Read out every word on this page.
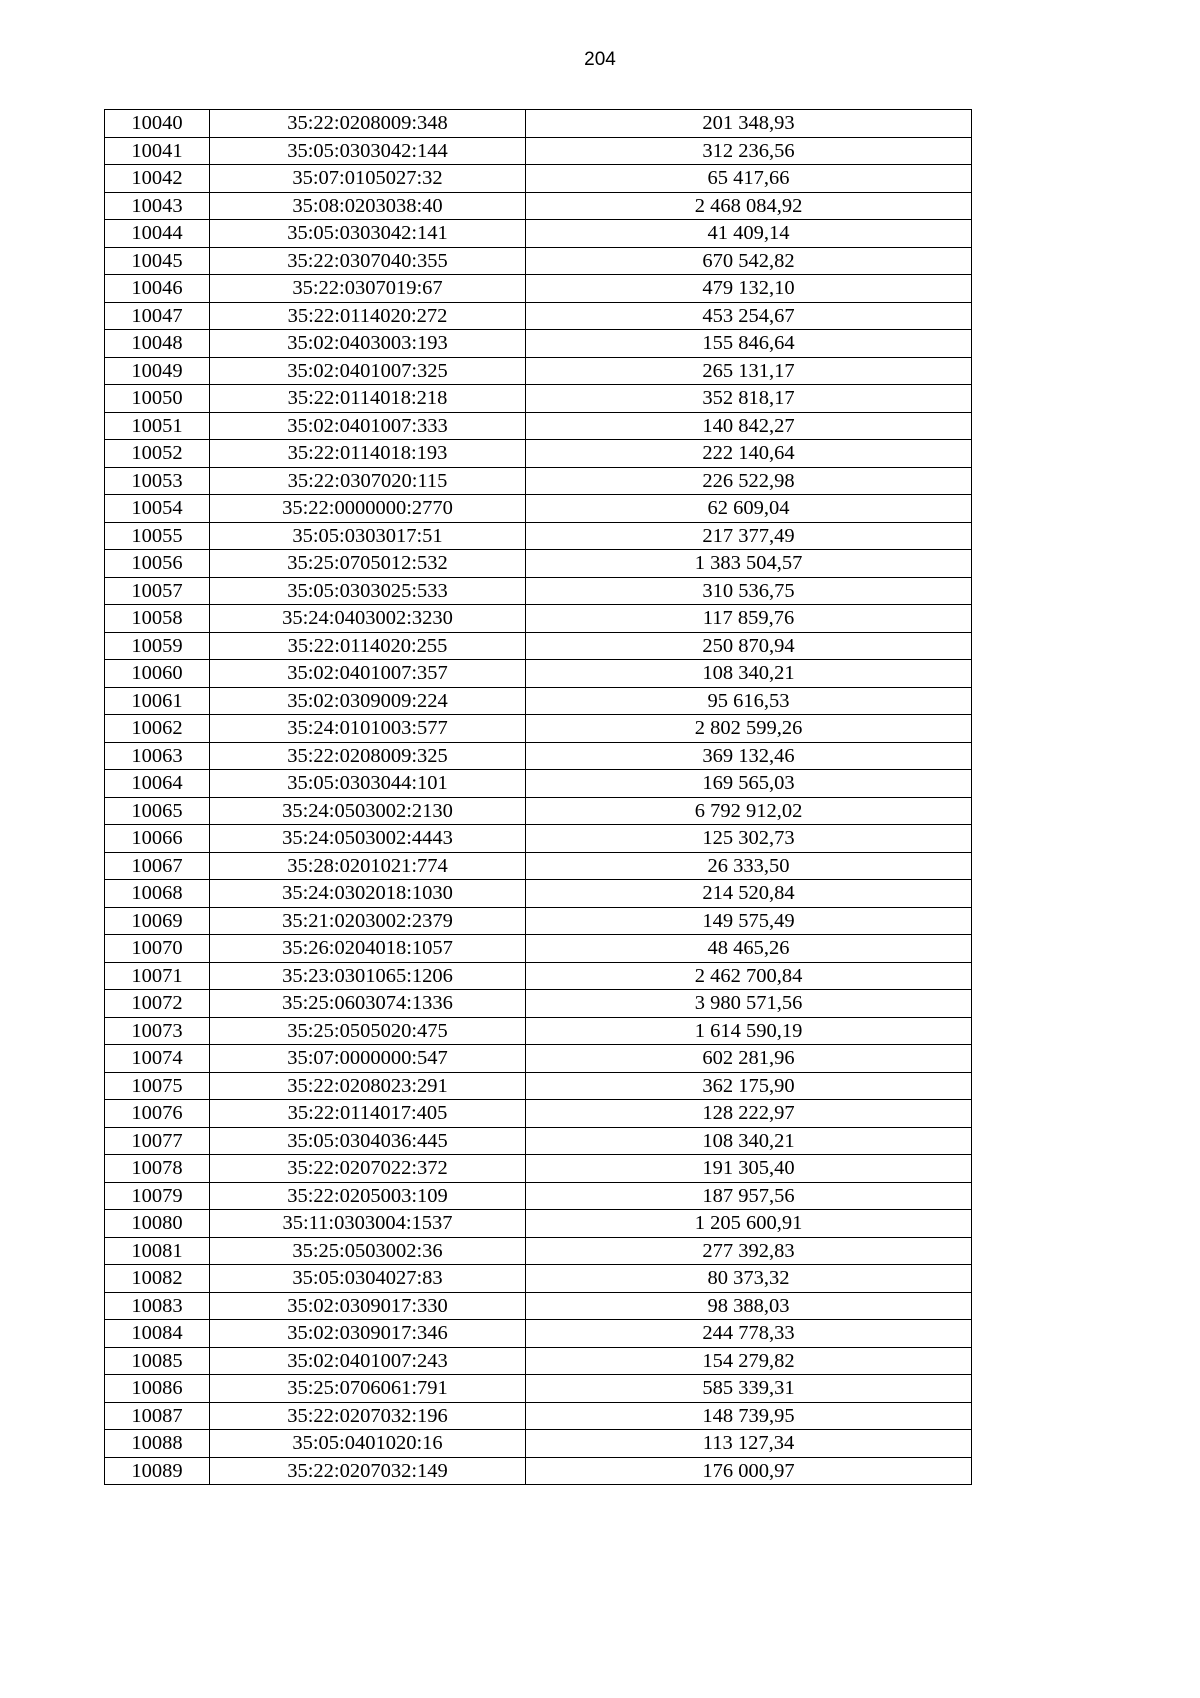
204
10040	35:22:0208009:348	201 348,93
10041	35:05:0303042:144	312 236,56
10042	35:07:0105027:32	65 417,66
10043	35:08:0203038:40	2 468 084,92
10044	35:05:0303042:141	41 409,14
10045	35:22:0307040:355	670 542,82
10046	35:22:0307019:67	479 132,10
10047	35:22:0114020:272	453 254,67
10048	35:02:0403003:193	155 846,64
10049	35:02:0401007:325	265 131,17
10050	35:22:0114018:218	352 818,17
10051	35:02:0401007:333	140 842,27
10052	35:22:0114018:193	222 140,64
10053	35:22:0307020:115	226 522,98
10054	35:22:0000000:2770	62 609,04
10055	35:05:0303017:51	217 377,49
10056	35:25:0705012:532	1 383 504,57
10057	35:05:0303025:533	310 536,75
10058	35:24:0403002:3230	117 859,76
10059	35:22:0114020:255	250 870,94
10060	35:02:0401007:357	108 340,21
10061	35:02:0309009:224	95 616,53
10062	35:24:0101003:577	2 802 599,26
10063	35:22:0208009:325	369 132,46
10064	35:05:0303044:101	169 565,03
10065	35:24:0503002:2130	6 792 912,02
10066	35:24:0503002:4443	125 302,73
10067	35:28:0201021:774	26 333,50
10068	35:24:0302018:1030	214 520,84
10069	35:21:0203002:2379	149 575,49
10070	35:26:0204018:1057	48 465,26
10071	35:23:0301065:1206	2 462 700,84
10072	35:25:0603074:1336	3 980 571,56
10073	35:25:0505020:475	1 614 590,19
10074	35:07:0000000:547	602 281,96
10075	35:22:0208023:291	362 175,90
10076	35:22:0114017:405	128 222,97
10077	35:05:0304036:445	108 340,21
10078	35:22:0207022:372	191 305,40
10079	35:22:0205003:109	187 957,56
10080	35:11:0303004:1537	1 205 600,91
10081	35:25:0503002:36	277 392,83
10082	35:05:0304027:83	80 373,32
10083	35:02:0309017:330	98 388,03
10084	35:02:0309017:346	244 778,33
10085	35:02:0401007:243	154 279,82
10086	35:25:0706061:791	585 339,31
10087	35:22:0207032:196	148 739,95
10088	35:05:0401020:16	113 127,34
10089	35:22:0207032:149	176 000,97
